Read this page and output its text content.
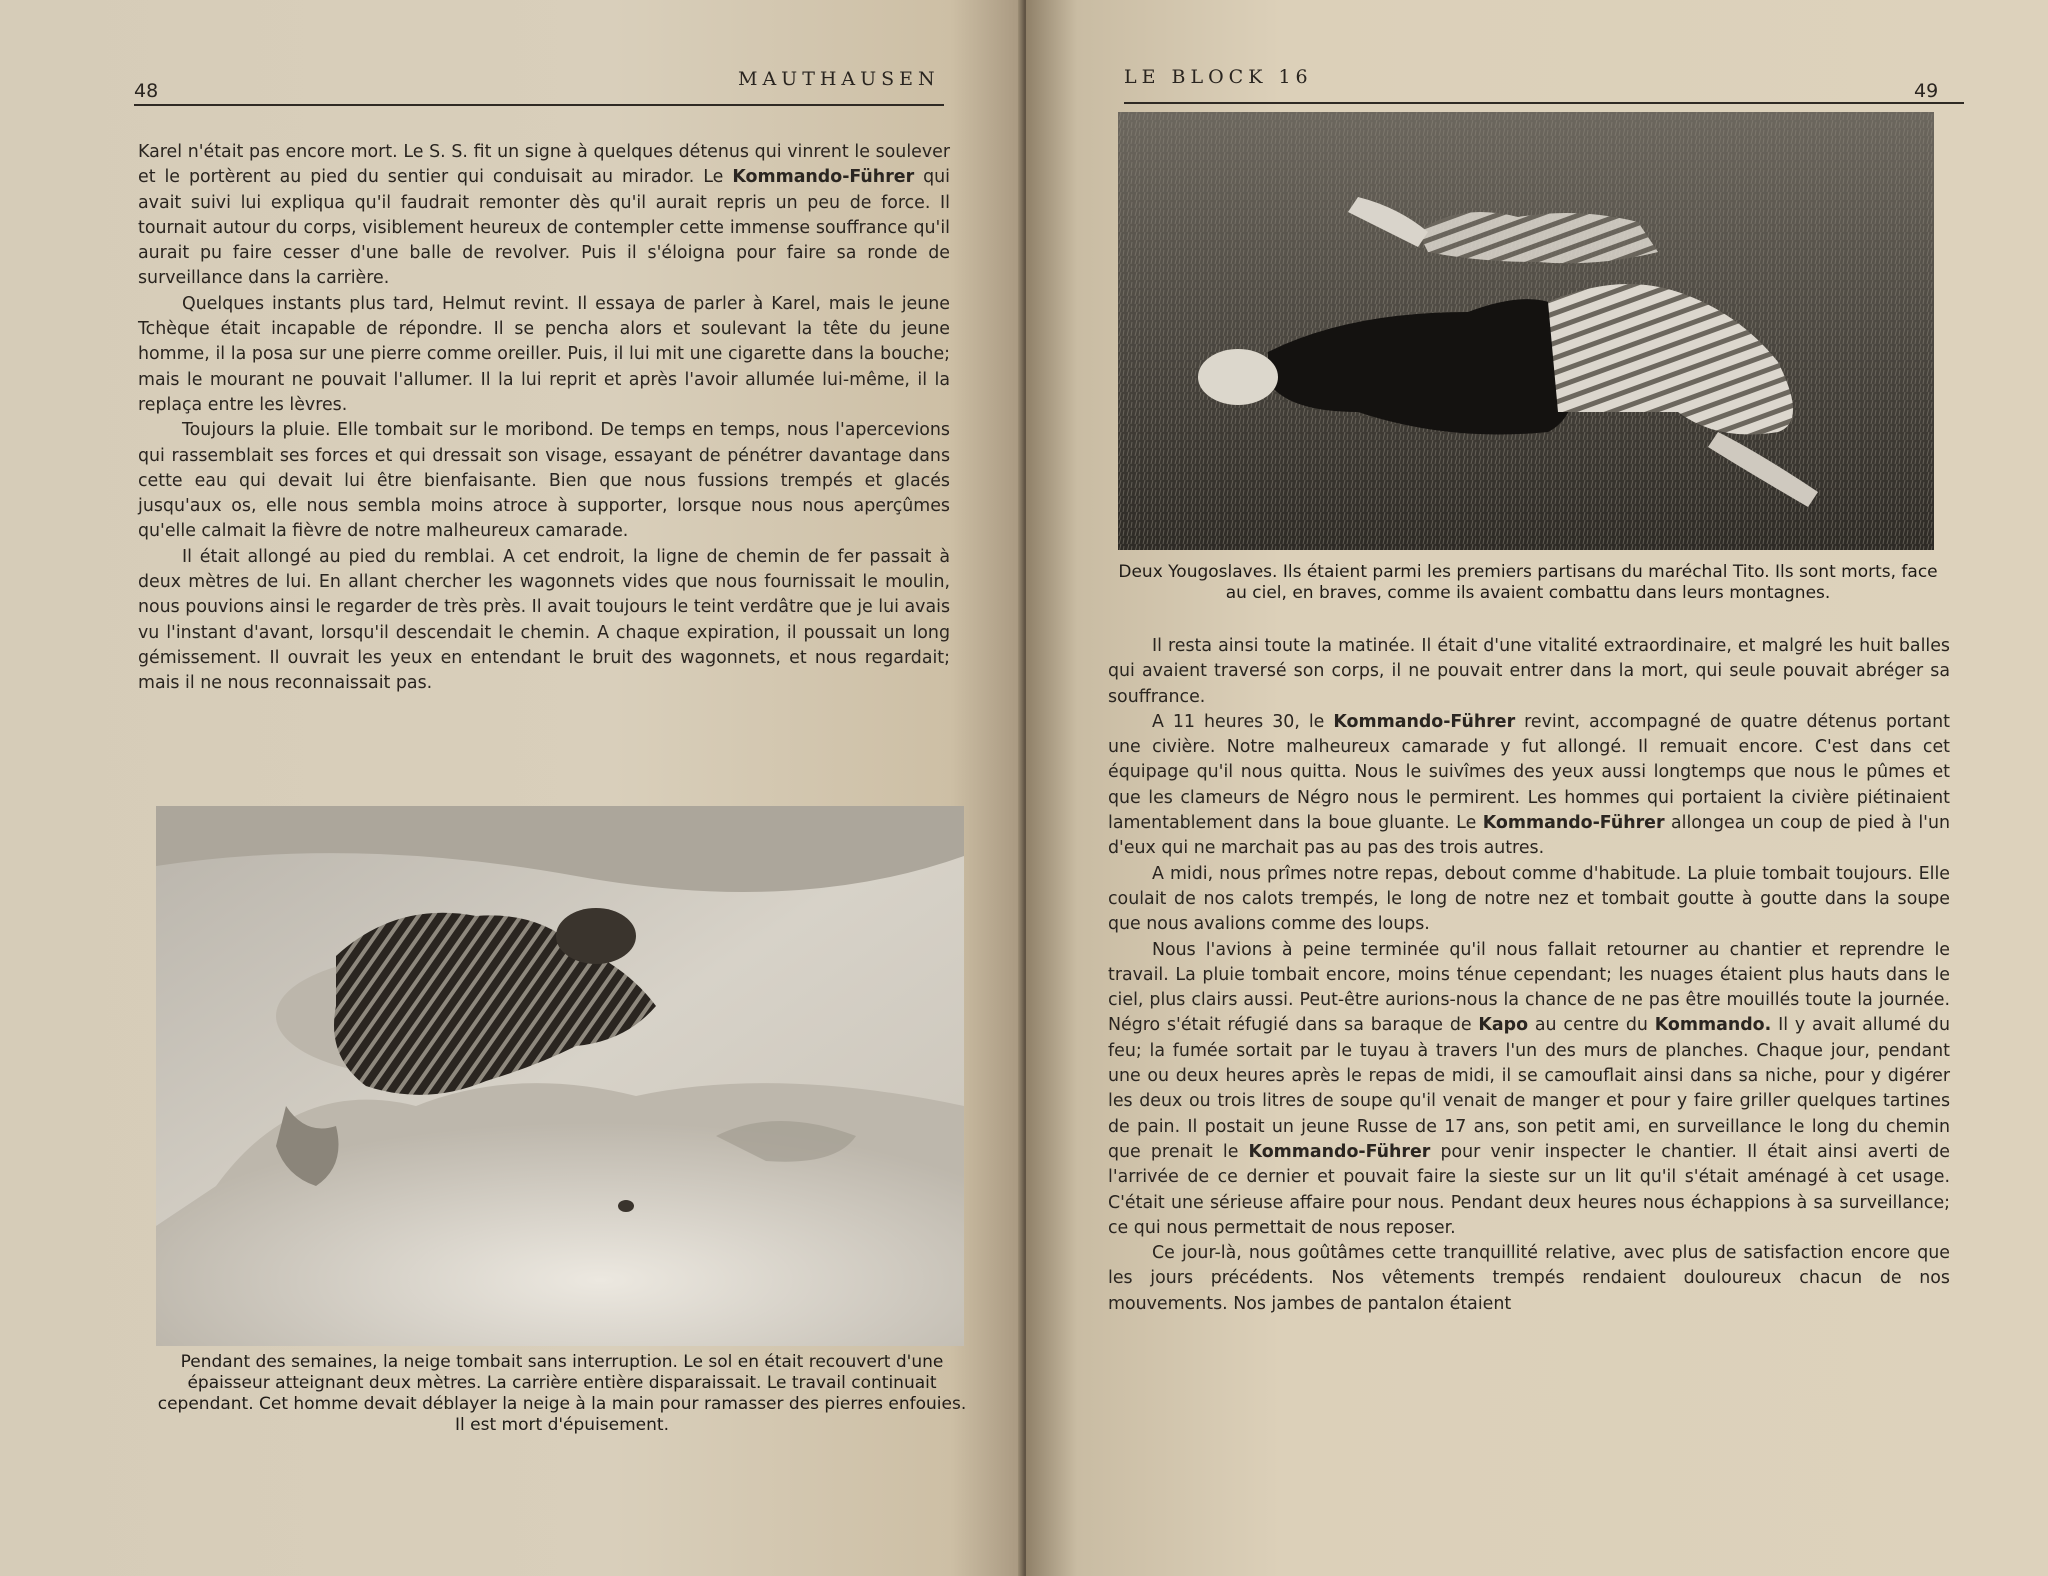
48
MAUTHAUSEN

Karel n'était pas encore mort. Le S. S. fit un signe à quelques détenus qui vinrent le soulever et le portèrent au pied du sentier qui conduisait au mirador. Le Kommando-Führer qui avait suivi lui expliqua qu'il faudrait remonter dès qu'il aurait repris un peu de force. Il tournait autour du corps, visiblement heureux de contempler cette immense souffrance qu'il aurait pu faire cesser d'une balle de revolver. Puis il s'éloigna pour faire sa ronde de surveillance dans la carrière.

Quelques instants plus tard, Helmut revint. Il essaya de parler à Karel, mais le jeune Tchèque était incapable de répondre. Il se pencha alors et soulevant la tête du jeune homme, il la posa sur une pierre comme oreiller. Puis, il lui mit une cigarette dans la bouche; mais le mourant ne pouvait l'allumer. Il la lui reprit et après l'avoir allumée lui-même, il la replaça entre les lèvres.

Toujours la pluie. Elle tombait sur le moribond. De temps en temps, nous l'apercevions qui rassemblait ses forces et qui dressait son visage, essayant de pénétrer davantage dans cette eau qui devait lui être bienfaisante. Bien que nous fussions trempés et glacés jusqu'aux os, elle nous sembla moins atroce à supporter, lorsque nous nous aperçûmes qu'elle calmait la fièvre de notre malheureux camarade.

Il était allongé au pied du remblai. A cet endroit, la ligne de chemin de fer passait à deux mètres de lui. En allant chercher les wagonnets vides que nous fournissait le moulin, nous pouvions ainsi le regarder de très près. Il avait toujours le teint verdâtre que je lui avais vu l'instant d'avant, lorsqu'il descendait le chemin. A chaque expiration, il poussait un long gémissement. Il ouvrait les yeux en entendant le bruit des wagonnets, et nous regardait; mais il ne nous reconnaissait pas.

Pendant des semaines, la neige tombait sans interruption. Le sol en était recouvert d'une épaisseur atteignant deux mètres. La carrière entière disparaissait. Le travail continuait cependant. Cet homme devait déblayer la neige à la main pour ramasser des pierres enfouies. Il est mort d'épuisement.
LE BLOCK 16
49
Deux Yougoslaves. Ils étaient parmi les premiers partisans du maréchal Tito. Ils sont morts, face au ciel, en braves, comme ils avaient combattu dans leurs montagnes.

Il resta ainsi toute la matinée. Il était d'une vitalité extraordinaire, et malgré les huit balles qui avaient traversé son corps, il ne pouvait entrer dans la mort, qui seule pouvait abréger sa souffrance.

A 11 heures 30, le Kommando-Führer revint, accompagné de quatre détenus portant une civière. Notre malheureux camarade y fut allongé. Il remuait encore. C'est dans cet équipage qu'il nous quitta. Nous le suivîmes des yeux aussi longtemps que nous le pûmes et que les clameurs de Négro nous le permirent. Les hommes qui portaient la civière piétinaient lamentablement dans la boue gluante. Le Kommando-Führer allongea un coup de pied à l'un d'eux qui ne marchait pas au pas des trois autres.

A midi, nous prîmes notre repas, debout comme d'habitude. La pluie tombait toujours. Elle coulait de nos calots trempés, le long de notre nez et tombait goutte à goutte dans la soupe que nous avalions comme des loups.

Nous l'avions à peine terminée qu'il nous fallait retourner au chantier et reprendre le travail. La pluie tombait encore, moins ténue cependant; les nuages étaient plus hauts dans le ciel, plus clairs aussi. Peut-être aurions-nous la chance de ne pas être mouillés toute la journée. Négro s'était réfugié dans sa baraque de Kapo au centre du Kommando. Il y avait allumé du feu; la fumée sortait par le tuyau à travers l'un des murs de planches. Chaque jour, pendant une ou deux heures après le repas de midi, il se camouflait ainsi dans sa niche, pour y digérer les deux ou trois litres de soupe qu'il venait de manger et pour y faire griller quelques tartines de pain. Il postait un jeune Russe de 17 ans, son petit ami, en surveillance le long du chemin que prenait le Kommando-Führer pour venir inspecter le chantier. Il était ainsi averti de l'arrivée de ce dernier et pouvait faire la sieste sur un lit qu'il s'était aménagé à cet usage. C'était une sérieuse affaire pour nous. Pendant deux heures nous échappions à sa surveillance; ce qui nous permettait de nous reposer.

Ce jour-là, nous goûtâmes cette tranquillité relative, avec plus de satisfaction encore que les jours précédents. Nos vêtements trempés rendaient douloureux chacun de nos mouvements. Nos jambes de pantalon étaient
